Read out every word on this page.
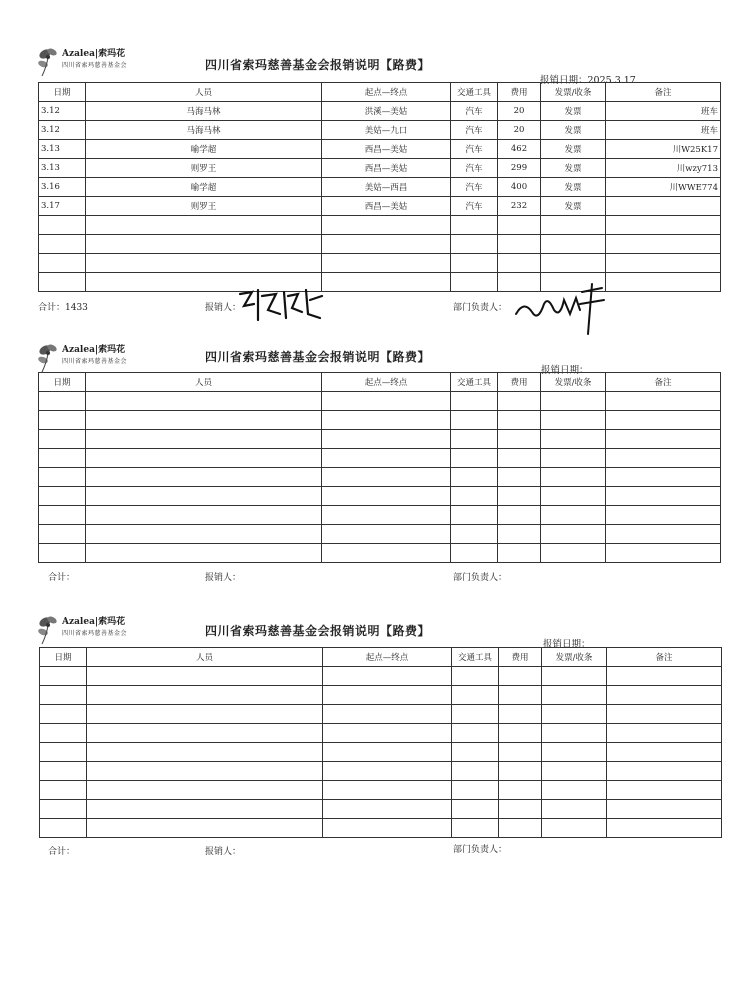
Azalea|索玛花
四川省索玛慈善基金会	四川省索玛慈善基金会报销说明【路费】
报销日期：2025.3.17
日期	人员	起点—终点	交通工具	费用	发票/收条	备注
3.12	马海马林	洪溪—美姑	汽车	20	发票	班车
3.12	马海马林	美姑—九口	汽车	20	发票	班车
3.13	喻学超	西昌—美姑	汽车	462	发票	川W25K17
3.13	则罗王	西昌—美姑	汽车	299	发票	川wzy713
3.16	喻学超	美姑—西昌	汽车	400	发票	川WWE774
3.17	则罗王	西昌—美姑	汽车	232	发票	

合计：1433	报销人：	部门负责人：
Azalea|索玛花
四川省索玛慈善基金会	四川省索玛慈善基金会报销说明【路费】
报销日期：
日期	人员	起点—终点	交通工具	费用	发票/收条	备注

合计：	报销人：	部门负责人：
Azalea|索玛花
四川省索玛慈善基金会	四川省索玛慈善基金会报销说明【路费】
报销日期：
日期	人员	起点—终点	交通工具	费用	发票/收条	备注

合计：	报销人：	部门负责人：
